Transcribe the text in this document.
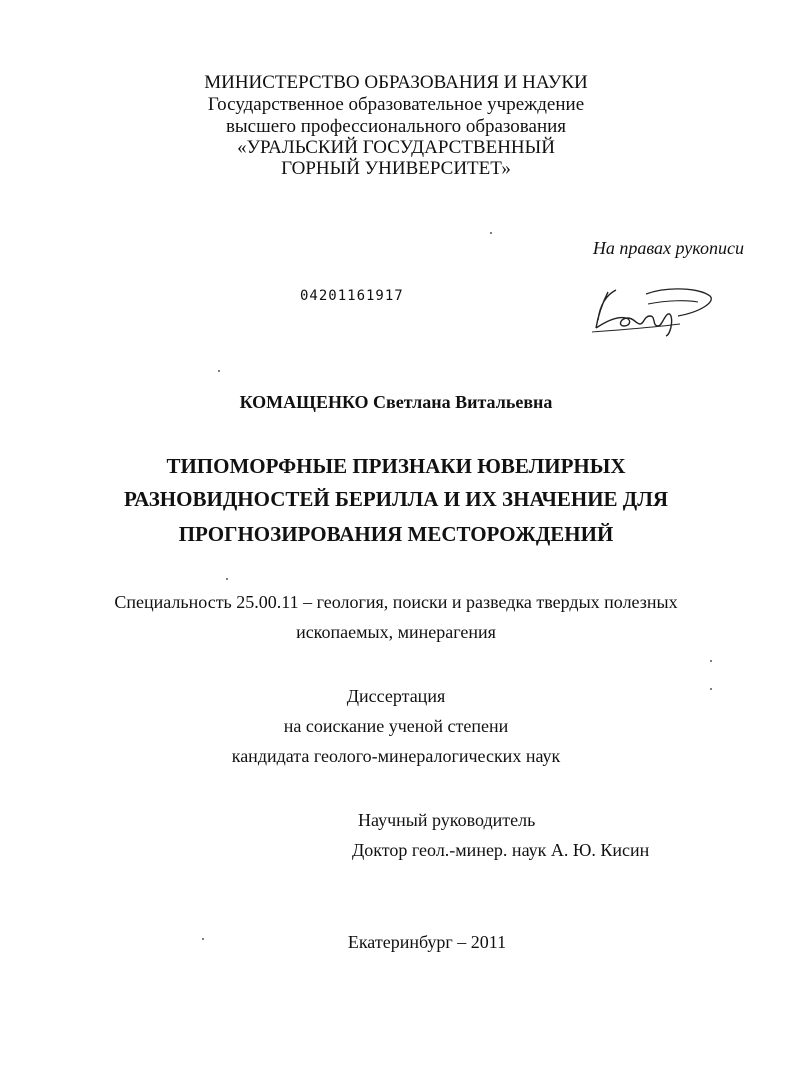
МИНИСТЕРСТВО ОБРАЗОВАНИЯ И НАУКИ
Государственное образовательное учреждение
высшего профессионального образования
«УРАЛЬСКИЙ ГОСУДАРСТВЕННЫЙ
ГОРНЫЙ УНИВЕРСИТЕТ»
На правах рукописи
04201161917
КОМАЩЕНКО Светлана Витальевна
ТИПОМОРФНЫЕ ПРИЗНАКИ ЮВЕЛИРНЫХ
РАЗНОВИДНОСТЕЙ БЕРИЛЛА И ИХ ЗНАЧЕНИЕ ДЛЯ
ПРОГНОЗИРОВАНИЯ МЕСТОРОЖДЕНИЙ
Специальность 25.00.11 – геология, поиски и разведка твердых полезных
ископаемых, минерагения
Диссертация
на соискание ученой степени
кандидата геолого-минералогических наук
Научный руководитель
Доктор геол.-минер. наук А. Ю. Кисин
Екатеринбург – 2011
